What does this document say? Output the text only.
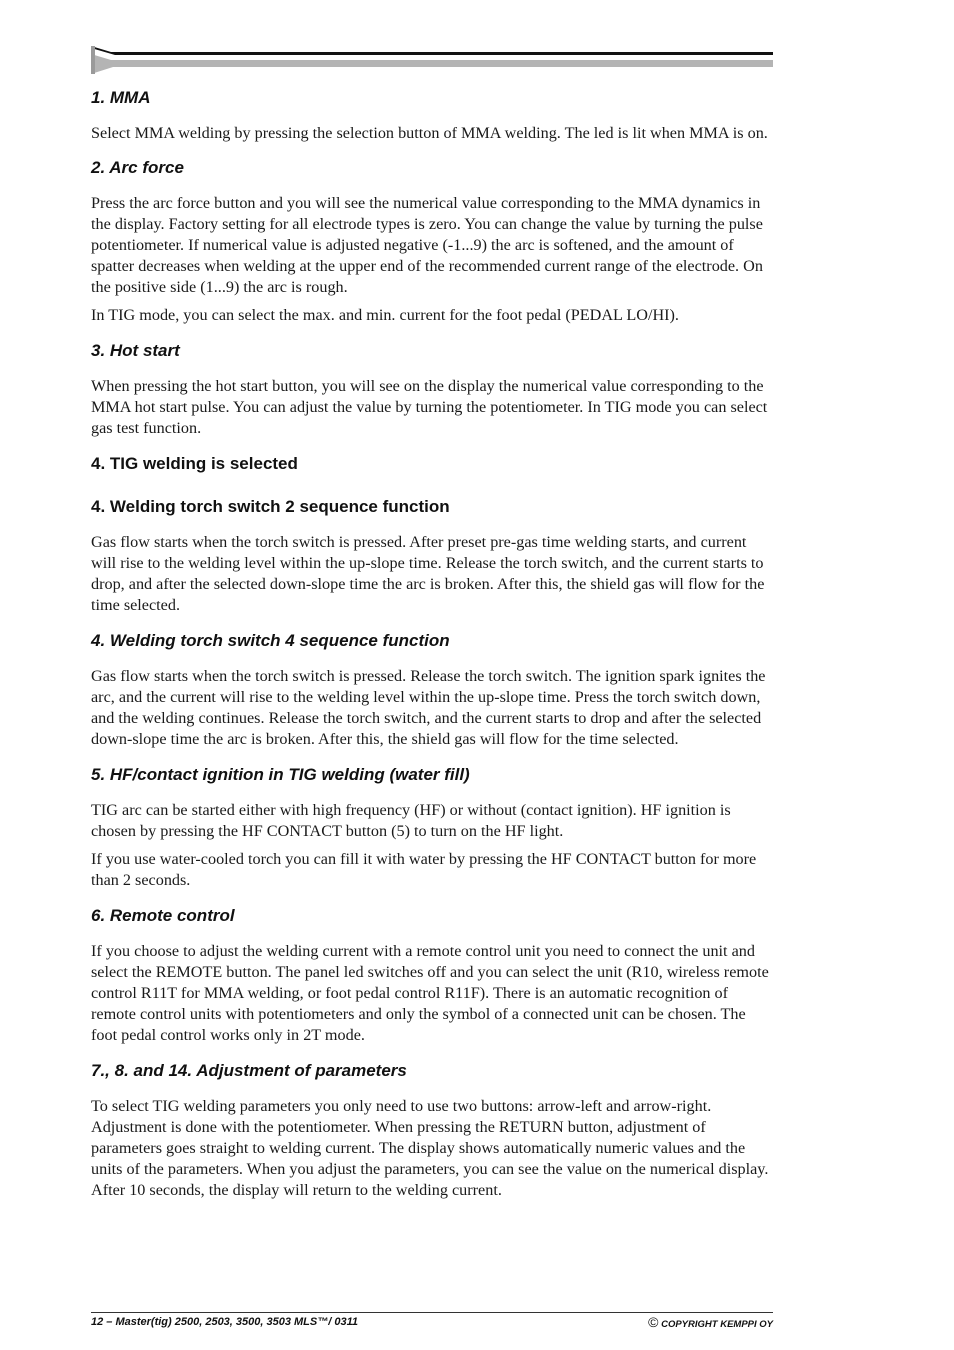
1. MMA

Select MMA welding by pressing the selection button of MMA welding. The led is lit when MMA is on.

2. Arc force

Press the arc force button and you will see the numerical value corresponding to the MMA dynamics in the display. Factory setting for all electrode types is zero. You can change the value by turning the pulse potentiometer. If numerical value is adjusted negative (-1...9) the arc is softened, and the amount of spatter decreases when welding at the upper end of the recommended current range of the electrode. On the positive side (1...9) the arc is rough.

In TIG mode, you can select the max. and min. current for the foot pedal (PEDAL LO/HI).

3. Hot start

When pressing the hot start button, you will see on the display the numerical value corresponding to the MMA hot start pulse. You can adjust the value by turning the potentiometer. In TIG mode you can select gas test function.

4. TIG welding is selected
4. Welding torch switch 2 sequence function

Gas flow starts when the torch switch is pressed. After preset pre-gas time welding starts, and current will rise to the welding level within the up-slope time. Release the torch switch, and the current starts to drop, and after the selected down-slope time the arc is broken. After this, the shield gas will flow for the time selected.

4. Welding torch switch 4 sequence function

Gas flow starts when the torch switch is pressed. Release the torch switch. The ignition spark ignites the arc, and the current will rise to the welding level within the up-slope time. Press the torch switch down, and the welding continues. Release the torch switch, and the current starts to drop and after the selected down-slope time the arc is broken. After this, the shield gas will flow for the time selected.

5. HF/contact ignition in TIG welding (water fill)

TIG arc can be started either with high frequency (HF) or without (contact ignition). HF ignition is chosen by pressing the HF CONTACT button (5) to turn on the HF light.

If you use water-cooled torch you can fill it with water by pressing the HF CONTACT button for more than 2 seconds.

6. Remote control

If you choose to adjust the welding current with a remote control unit you need to connect the unit and select the REMOTE button. The panel led switches off and you can select the unit (R10, wireless remote control R11T for MMA welding, or foot pedal control R11F). There is an automatic recognition of remote control units with potentiometers and only the symbol of a connected unit can be chosen. The foot pedal control works only in 2T mode.

7., 8. and 14. Adjustment of parameters

To select TIG welding parameters you only need to use two buttons: arrow-left and arrow-right. Adjustment is done with the potentiometer. When pressing the RETURN button, adjustment of parameters goes straight to welding current. The display shows automatically numeric values and the units of the parameters. When you adjust the parameters, you can see the value on the numerical display. After 10 seconds, the display will return to the welding current.

12 – Master(tig) 2500, 2503, 3500, 3503 MLS™/ 0311	© COPYRIGHT KEMPPI OY
